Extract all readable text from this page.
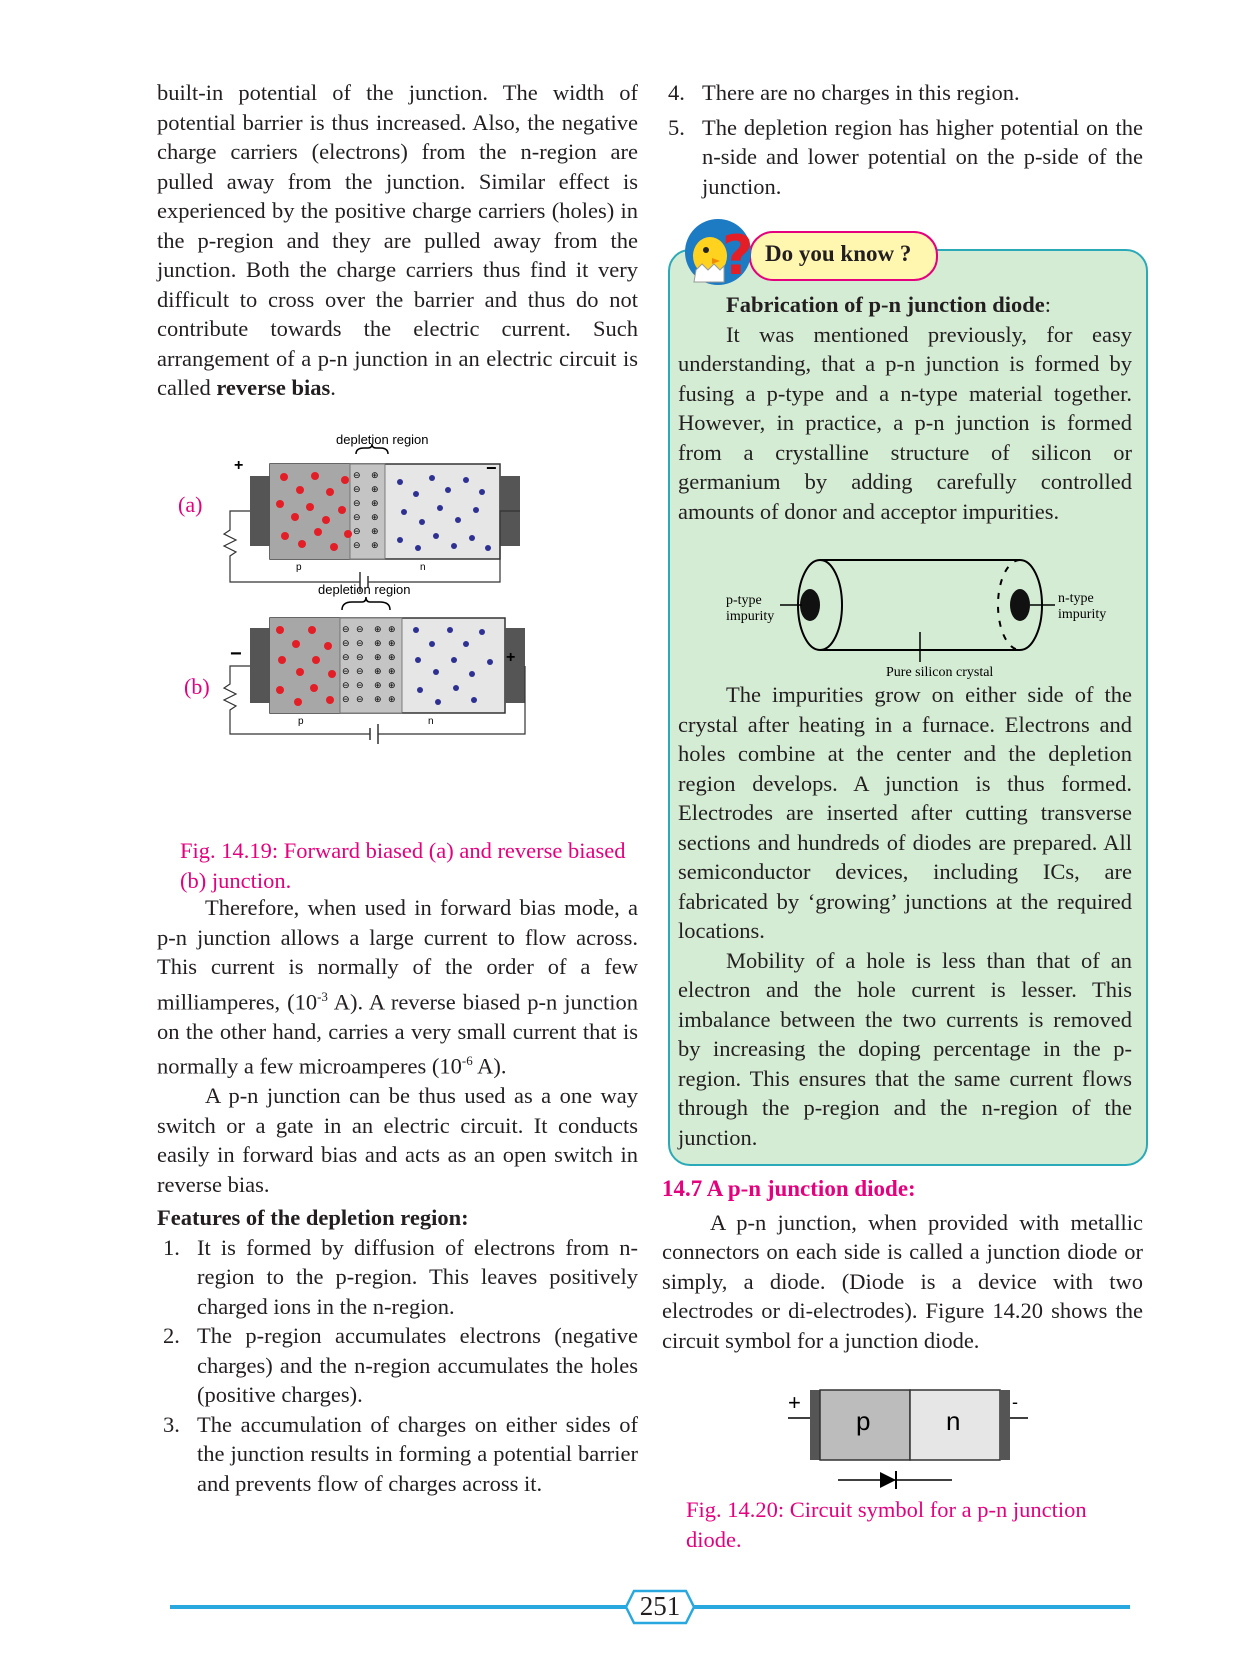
built-in potential of the junction. The width of potential barrier is thus increased. Also, the negative charge carriers (electrons) from the n-region are pulled away from the junction. Similar effect is experienced by the positive charge carriers (holes) in the p-region and they are pulled away from the junction. Both the charge carriers thus find it very difficult to cross over the barrier and thus do not contribute towards the electric current. Such arrangement of a p-n junction in an electric circuit is called reverse bias.

(a)
depletion region
⊖
⊖
⊖
⊖
⊖
⊖
⊕
⊕
⊕
⊕
⊕
⊕
p	n
+	−
(b)
depletion region
⊖
⊖
⊖
⊖
⊖
⊖
⊖
⊖
⊖
⊖
⊖
⊖
⊕
⊕
⊕
⊕
⊕
⊕
⊕
⊕
⊕
⊕
⊕
⊕
p	n
−	+

Fig. 14.19: Forward biased (a) and reverse biased (b) junction.

Therefore, when used in forward bias mode, a p-n junction allows a large current to flow across. This current is normally of the order of a few milliamperes, ($10^{-3}$ A). A reverse biased p-n junction on the other hand, carries a very small current that is normally a few microamperes ($10^{-6}$ A).

A p-n junction can be thus used as a one way switch or a gate in an electric circuit. It conducts easily in forward bias and acts as an open switch in reverse bias.

Features of the depletion region:

1. It is formed by diffusion of electrons from n-region to the p-region. This leaves positively charged ions in the n-region.
2. The p-region accumulates electrons (negative charges) and the n-region accumulates the holes (positive charges).
3. The accumulation of charges on either sides of the junction results in forming a potential barrier and prevents flow of charges across it.
4. There are no charges in this region.
5. The depletion region has higher potential on the n-side and lower potential on the p-side of the junction.
Do you know ?
?

Fabrication of p-n junction diode:

It was mentioned previously, for easy understanding, that a p-n junction is formed by fusing a p-type and a n-type material together. However, in practice, a p-n junction is formed from a crystalline structure of silicon or germanium by adding carefully controlled amounts of donor and acceptor impurities.

p-type
impurity
n-type
impurity
Pure silicon crystal

The impurities grow on either side of the crystal after heating in a furnace. Electrons and holes combine at the center and the depletion region develops. A junction is thus formed. Electrodes are inserted after cutting transverse sections and hundreds of diodes are prepared. All semiconductor devices, including ICs, are fabricated by ‘growing’ junctions at the required locations.

Mobility of a hole is less than that of an electron and the hole current is lesser. This imbalance between the two currents is removed by increasing the doping percentage in the p-region. This ensures that the same current flows through the p-region and the n-region of the junction.

14.7 A p-n junction diode:

A p-n junction, when provided with metallic connectors on each side is called a junction diode or simply, a diode. (Diode is a device with two electrodes or di-electrodes). Figure 14.20 shows the circuit symbol for a junction diode.

+	-
p	n

Fig. 14.20: Circuit symbol for a p-n junction diode.

251
